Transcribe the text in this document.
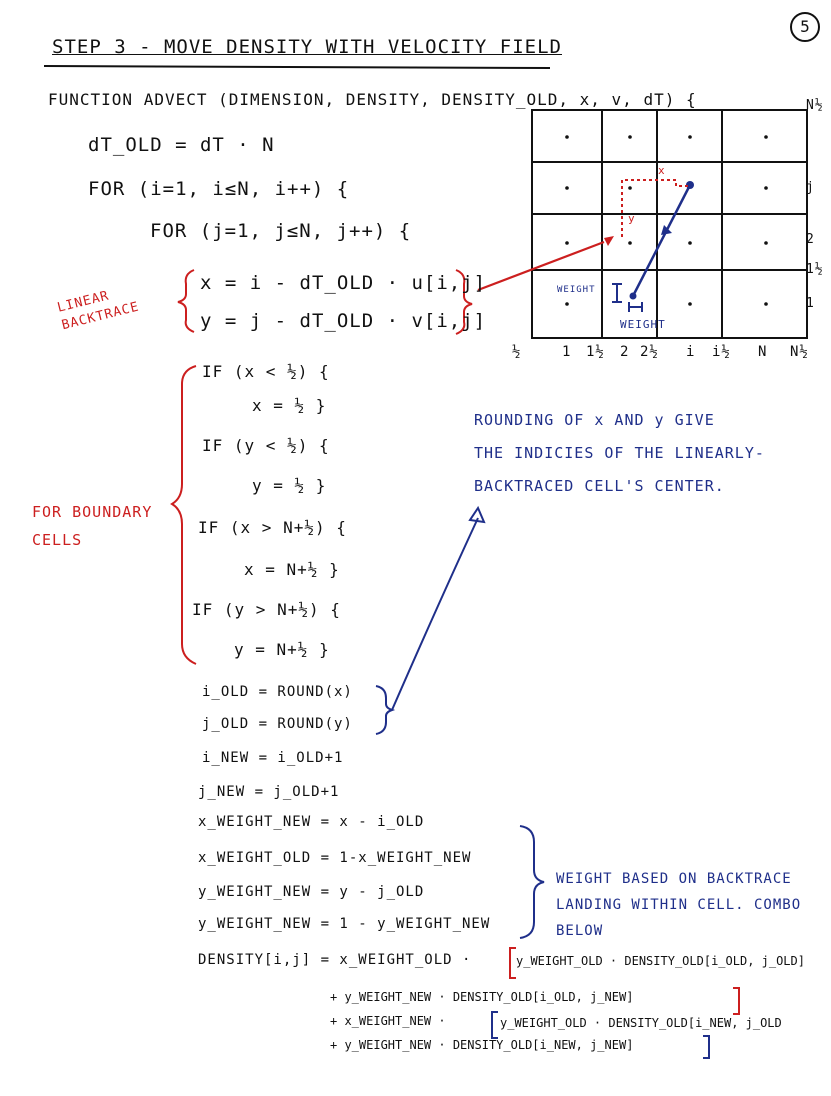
5
STEP 3 - MOVE DENSITY WITH VELOCITY FIELD
x
y
WEIGHT
WEIGHT
½	1 1½ 2 2½ i i½ N N½
N½
j
2
1½
1
FUNCTION ADVECT (DIMENSION, DENSITY, DENSITY_OLD, x, v, dT) {
dT_OLD = dT · N
FOR (i=1, i≤N, i++) {
FOR (j=1, j≤N, j++) {
x = i - dT_OLD · u[i,j]
y = j - dT_OLD · v[i,j]
LINEAR BACKTRACE
IF (x < ½) {
x = ½ }
IF (y < ½) {
y = ½ }
IF (x > N+½) {
x = N+½ }
IF (y > N+½) {
y = N+½ }
FOR BOUNDARY CELLS
i_OLD = ROUND(x)
j_OLD = ROUND(y)
i_NEW = i_OLD+1
j_NEW = j_OLD+1
x_WEIGHT_NEW = x - i_OLD
x_WEIGHT_OLD = 1-x_WEIGHT_NEW
y_WEIGHT_NEW = y - j_OLD
y_WEIGHT_NEW = 1 - y_WEIGHT_NEW
ROUNDING OF x AND y GIVE
THE INDICIES OF THE LINEARLY-
BACKTRACED CELL'S CENTER.
WEIGHT BASED ON BACKTRACE
LANDING WITHIN CELL. COMBO
BELOW
DENSITY[i,j] = x_WEIGHT_OLD ·	y_WEIGHT_OLD · DENSITY_OLD[i_OLD, j_OLD]
+ y_WEIGHT_NEW · DENSITY_OLD[i_OLD, j_NEW]
+ x_WEIGHT_NEW ·	y_WEIGHT_OLD · DENSITY_OLD[i_NEW, j_OLD
+ y_WEIGHT_NEW · DENSITY_OLD[i_NEW, j_NEW]
